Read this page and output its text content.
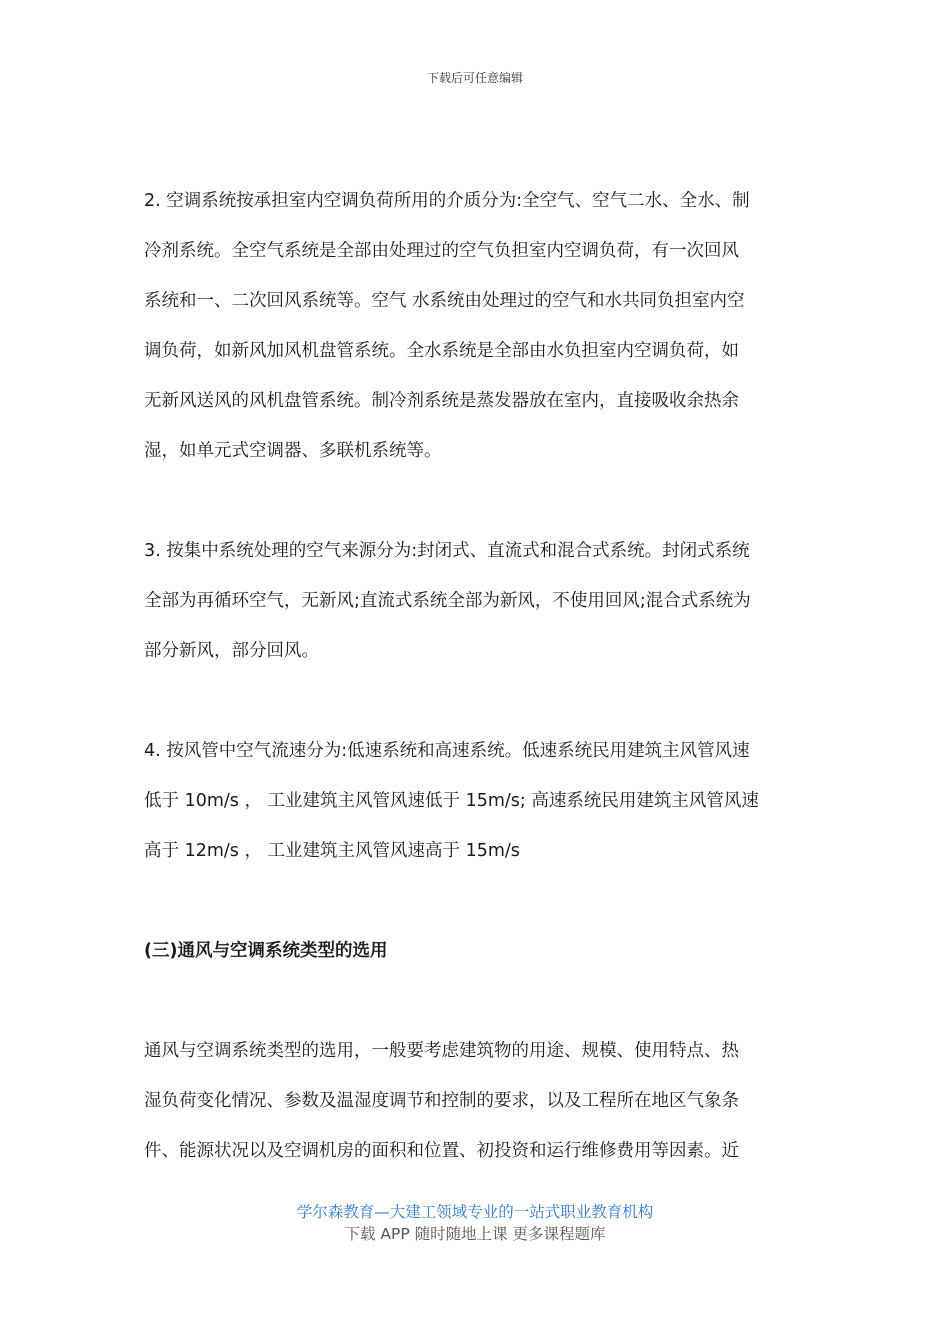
下载后可任意编辑

2. 空调系统按承担室内空调负荷所用的介质分为:全空气、空气二水、全水、制
冷剂系统。全空气系统是全部由处理过的空气负担室内空调负荷，有一次回风
系统和一、二次回风系统等。空气 水系统由处理过的空气和水共同负担室内空
调负荷，如新风加风机盘管系统。全水系统是全部由水负担室内空调负荷，如
无新风送风的风机盘管系统。制冷剂系统是蒸发器放在室内，直接吸收余热余
湿，如单元式空调器、多联机系统等。

3. 按集中系统处理的空气来源分为:封闭式、直流式和混合式系统。封闭式系统
全部为再循环空气，无新风;直流式系统全部为新风，不使用回风;混合式系统为
部分新风，部分回风。

4. 按风管中空气流速分为:低速系统和高速系统。低速系统民用建筑主风管风速
低于 10m/s ， 工业建筑主风管风速低于 15m/s; 高速系统民用建筑主风管风速
高于 12m/s ， 工业建筑主风管风速高于 15m/s

(三)通风与空调系统类型的选用

通风与空调系统类型的选用，一般要考虑建筑物的用途、规模、使用特点、热
湿负荷变化情况、参数及温湿度调节和控制的要求，以及工程所在地区气象条
件、能源状况以及空调机房的面积和位置、初投资和运行维修费用等因素。近

学尔森教育—大建工领域专业的一站式职业教育机构
下载 APP 随时随地上课 更多课程题库
